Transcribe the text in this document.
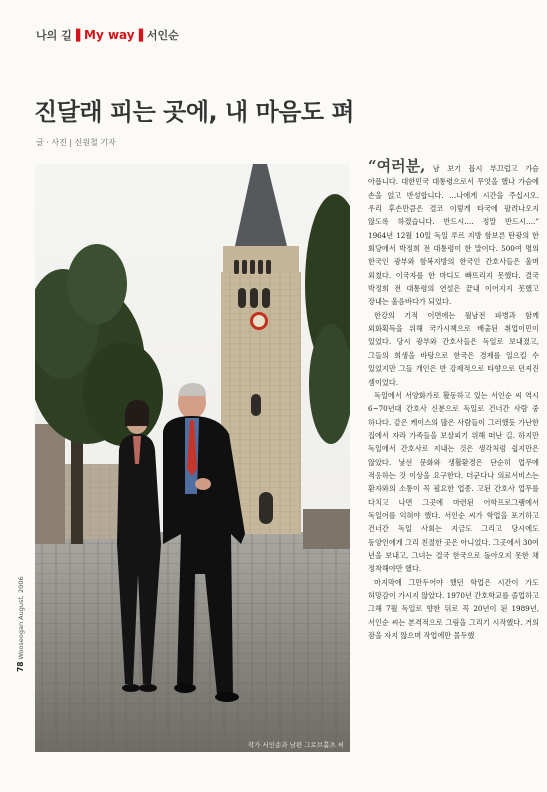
나의 길▐ My way▐ 서인순
진달래 피는 곳에, 내 마음도 펴
글 · 사진 | 신원철 기자
작가 서인순과 남편 그로브홀츠 씨

“여러분, 남 보기 몹시 부끄럽고 가슴 아픕니다. 대한민국 대통령으로서 무엇을 했나 가슴에 손을 얹고 반성합니다. …나에게 시간을 주십시오. 우리 후손만큼은 결코 이렇게 타국에 팔려나오지 않도록 하겠습니다. 반드시…. 정말 반드시….” 1964년 12월 10일 독일 루르 지방 함보른 탄광의 한 회당에서 박정희 전 대통령이 한 말이다. 500여 명의 한국인 광부와 함복지방의 한국인 간호사들은 울며 외쳤다. 이국자를 한 마디도 빠뜨리지 못했다. 결국 박정희 전 대통령의 연설은 끝내 이어지지 못했고 장내는 울음바다가 되었다.

한강의 기적 이면에는 월남전 파병과 함께 외화획득을 위해 국가시책으로 배출된 취업이민이 있었다. 당시 광부와 간호사들은 독일로 보내졌고, 그들의 희생을 바탕으로 한국은 경제를 일으킬 수 있었지만 그들 개인은 반 강제적으로 타향으로 던져진 셈이었다.

독일에서 서양화가로 활동하고 있는 서인순 씨 역시 6~70년대 간호사 신분으로 독일로 건너간 사람 중 하나다. 같은 케이스의 많은 사람들이 그러했듯 가난한 집에서 자라 가족들을 보살피기 위해 떠난 길. 하지만 독일에서 간호사로 지내는 것은 생각처럼 쉽지만은 않았다. 낯선 문화와 생활환경은 단순히 업무에 적응하는 것 이상을 요구한다. 더군다나 의료서비스는 환자와의 소통이 꼭 필요한 업종. 고된 간호사 업무를 다치고 나면 그곳에 마련된 어학프로그램에서 독일어를 익혀야 했다. 서인순 씨가 학업을 포기하고 건너간 독일 사회는 지금도 그리고 당시에도 동양인에게 그리 친절한 곳은 아니었다. 그곳에서 30여 년을 보내고, 그녀는 결국 한국으로 돌아오지 못한 채 정착해야만 했다.

마지막에 그만두어야 했던 학업은 시간이 가도 허망감이 가시지 않았다. 1970년 간호학교를 졸업하고 그해 7월 독일로 향한 뒤로 꼭 20년이 된 1989년, 서인순 씨는 본격적으로 그림을 그리기 시작했다. 거의 잠을 자지 않으며 작업에만 몰두했

78 Wooseogan August, 2006
